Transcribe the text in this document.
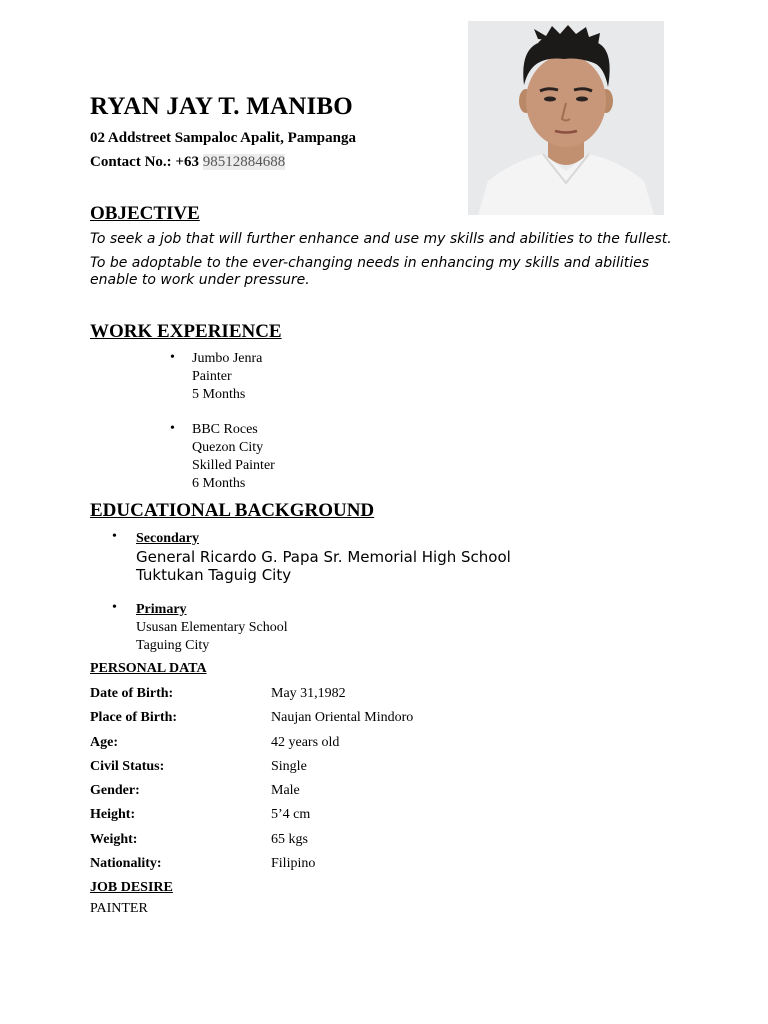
RYAN JAY T. MANIBO
02 Addstreet Sampaloc Apalit, Pampanga
Contact No.: +63 98512884688
OBJECTIVE
To seek a job that will further enhance and use my skills and abilities to the fullest.
To be adoptable to the ever-changing needs in enhancing my skills and abilities enable to work under pressure.
WORK EXPERIENCE
• Jumbo Jenra
Painter
5 Months
• BBC Roces
Quezon City
Skilled Painter
6 Months
EDUCATIONAL BACKGROUND
• Secondary
General Ricardo G. Papa Sr. Memorial High School
Tuktukan Taguig City
• Primary
Ususan Elementary School
Taguing City
PERSONAL DATA
Date of Birth:	May 31,1982
Place of Birth:	Naujan Oriental Mindoro
Age:	42 years old
Civil Status:	Single
Gender:	Male
Height:	5’4 cm
Weight:	65 kgs
Nationality:	Filipino
JOB DESIRE
PAINTER
